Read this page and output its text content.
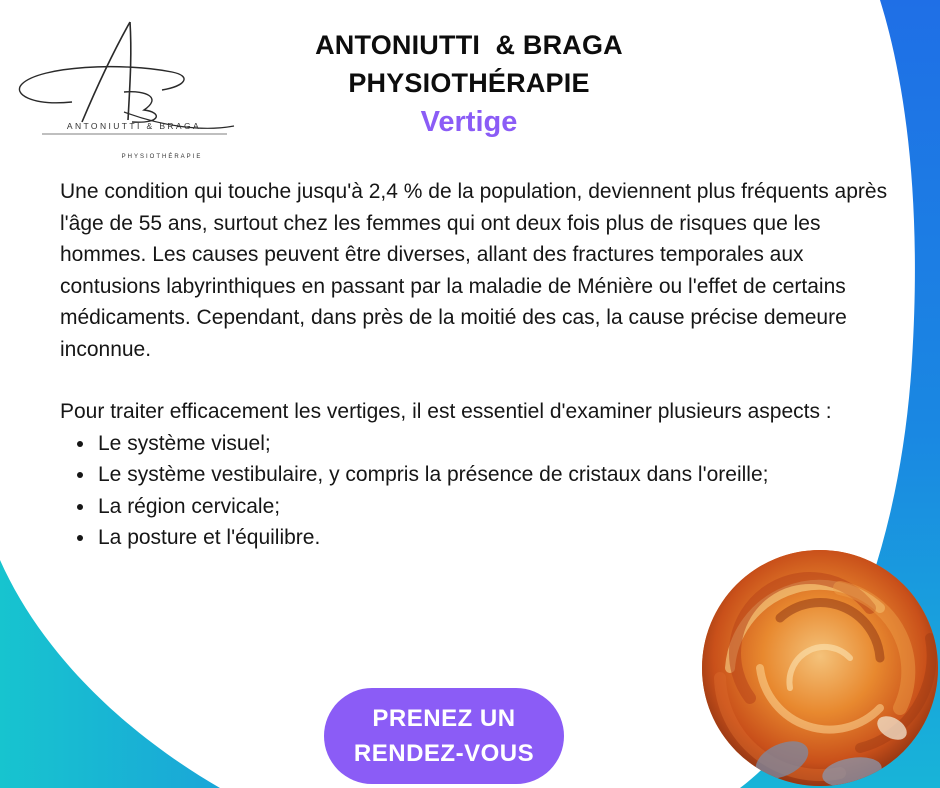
ANTONIUTTI & BRAGA
PHYSIOTHÉRAPIE
ANTONIUTTI  & BRAGA
PHYSIOTHÉRAPIE
Vertige

Une condition qui touche jusqu'à 2,4 % de la population, deviennent plus fréquents après l'âge de 55 ans, surtout chez les femmes qui ont deux fois plus de risques que les hommes. Les causes peuvent être diverses, allant des fractures temporales aux contusions labyrinthiques en passant par la maladie de Ménière ou l'effet de certains médicaments. Cependant, dans près de la moitié des cas, la cause précise demeure inconnue.

Pour traiter efficacement les vertiges, il est essentiel d'examiner plusieurs aspects :

• Le système visuel;
• Le système vestibulaire, y compris la présence de cristaux dans l'oreille;
• La région cervicale;
• La posture et l'équilibre.
PRENEZ UN
RENDEZ-VOUS
